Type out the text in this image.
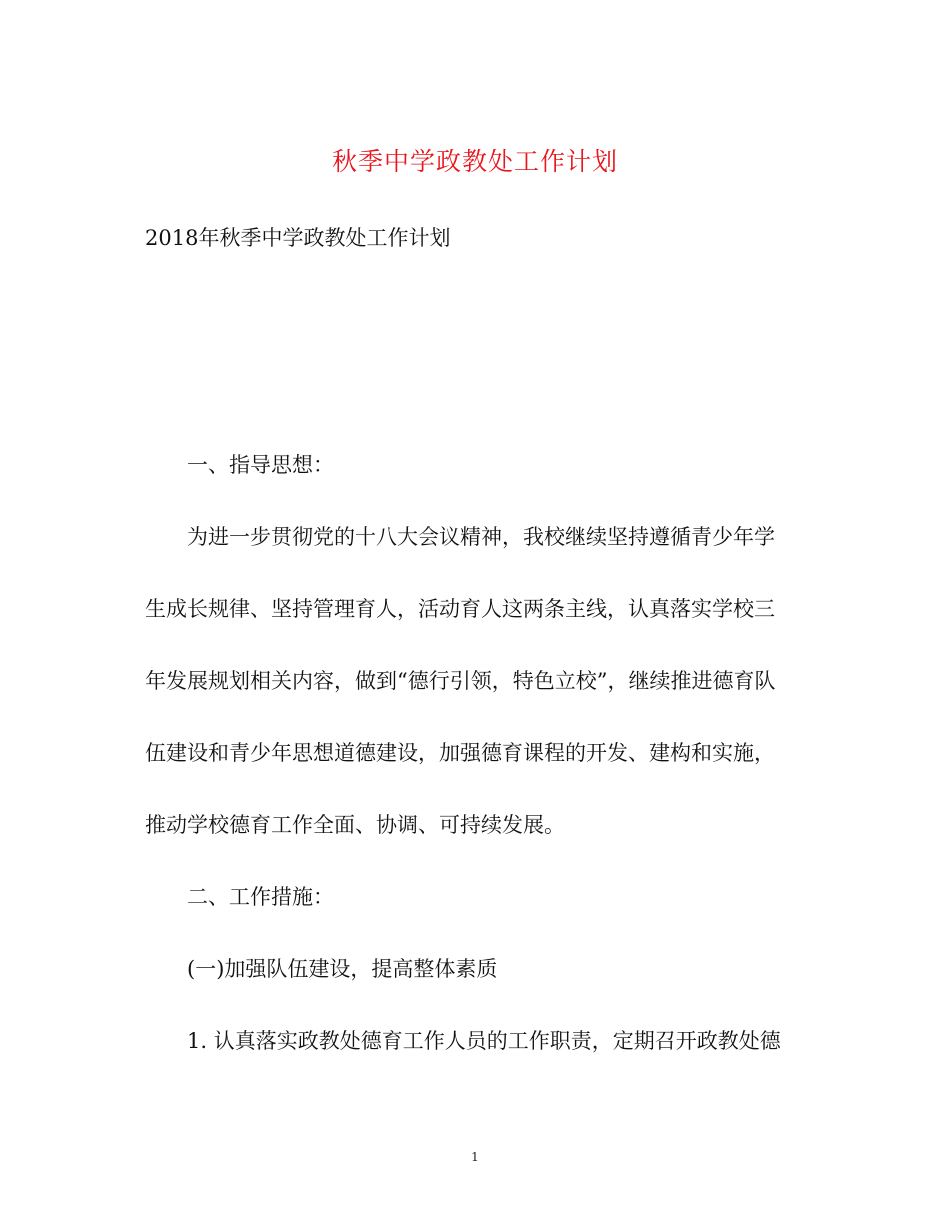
秋季中学政教处工作计划
2018年秋季中学政教处工作计划
一、指导思想：
为进一步贯彻党的十八大会议精神，我校继续坚持遵循青少年学
生成长规律、坚持管理育人，活动育人这两条主线，认真落实学校三
年发展规划相关内容，做到“德行引领，特色立校”，继续推进德育队
伍建设和青少年思想道德建设，加强德育课程的开发、建构和实施，
推动学校德育工作全面、协调、可持续发展。
二、工作措施：
(一)加强队伍建设，提高整体素质
1. 认真落实政教处德育工作人员的工作职责，定期召开政教处德
1
